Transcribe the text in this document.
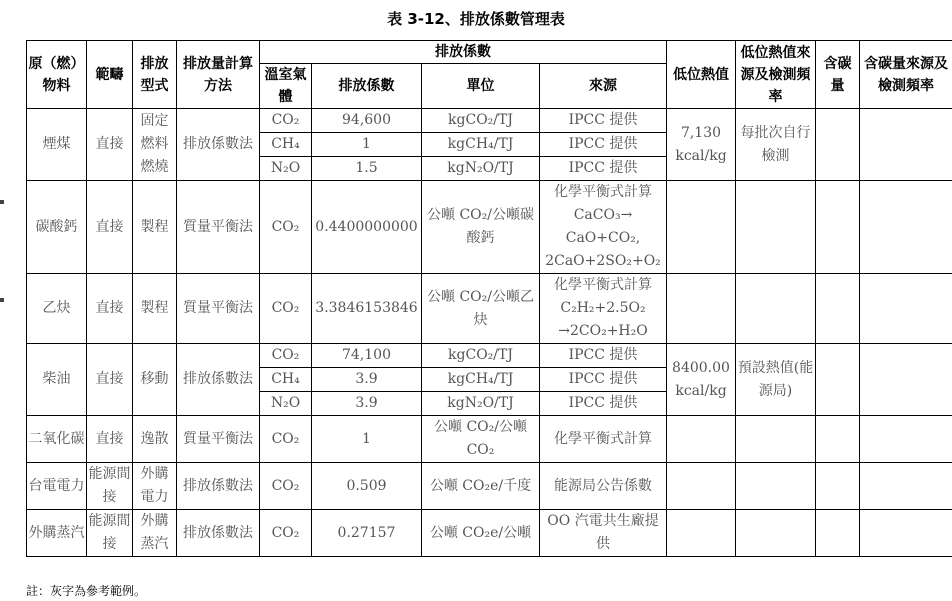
表 3-12、排放係數管理表
原（燃）物料	範疇	排放型式	排放量計算方法	排放係數				低位熱值	低位熱值來源及檢測頻率	含碳量	含碳量來源及檢測頻率
				溫室氣體	排放係數	單位	來源				
煙煤	直接	固定燃料燃燒	排放係數法	CO₂	94,600	kgCO₂/TJ	IPCC 提供	7,130 kcal/kg	每批次自行檢測		
				CH₄	1	kgCH₄/TJ	IPCC 提供				
				N₂O	1.5	kgN₂O/TJ	IPCC 提供				
碳酸鈣	直接	製程	質量平衡法	CO₂	0.4400000000	公噸 CO₂/公噸碳酸鈣	化學平衡式計算 CaCO₃→ CaO+CO₂, 2CaO+2SO₂+O₂				
乙炔	直接	製程	質量平衡法	CO₂	3.3846153846	公噸 CO₂/公噸乙炔	化學平衡式計算 C₂H₂+2.5O₂ →2CO₂+H₂O				
柴油	直接	移動	排放係數法	CO₂	74,100	kgCO₂/TJ	IPCC 提供	8400.00 kcal/kg	預設熱值(能源局)		
				CH₄	3.9	kgCH₄/TJ	IPCC 提供				
				N₂O	3.9	kgN₂O/TJ	IPCC 提供				
二氧化碳	直接	逸散	質量平衡法	CO₂	1	公噸 CO₂/公噸 CO₂	化學平衡式計算				
台電電力	能源間接	外購電力	排放係數法	CO₂	0.509	公噸 CO₂e/千度	能源局公告係數				
外購蒸汽	能源間接	外購蒸汽	排放係數法	CO₂	0.27157	公噸 CO₂e/公噸	OO 汽電共生廠提供				
註：灰字為參考範例。
